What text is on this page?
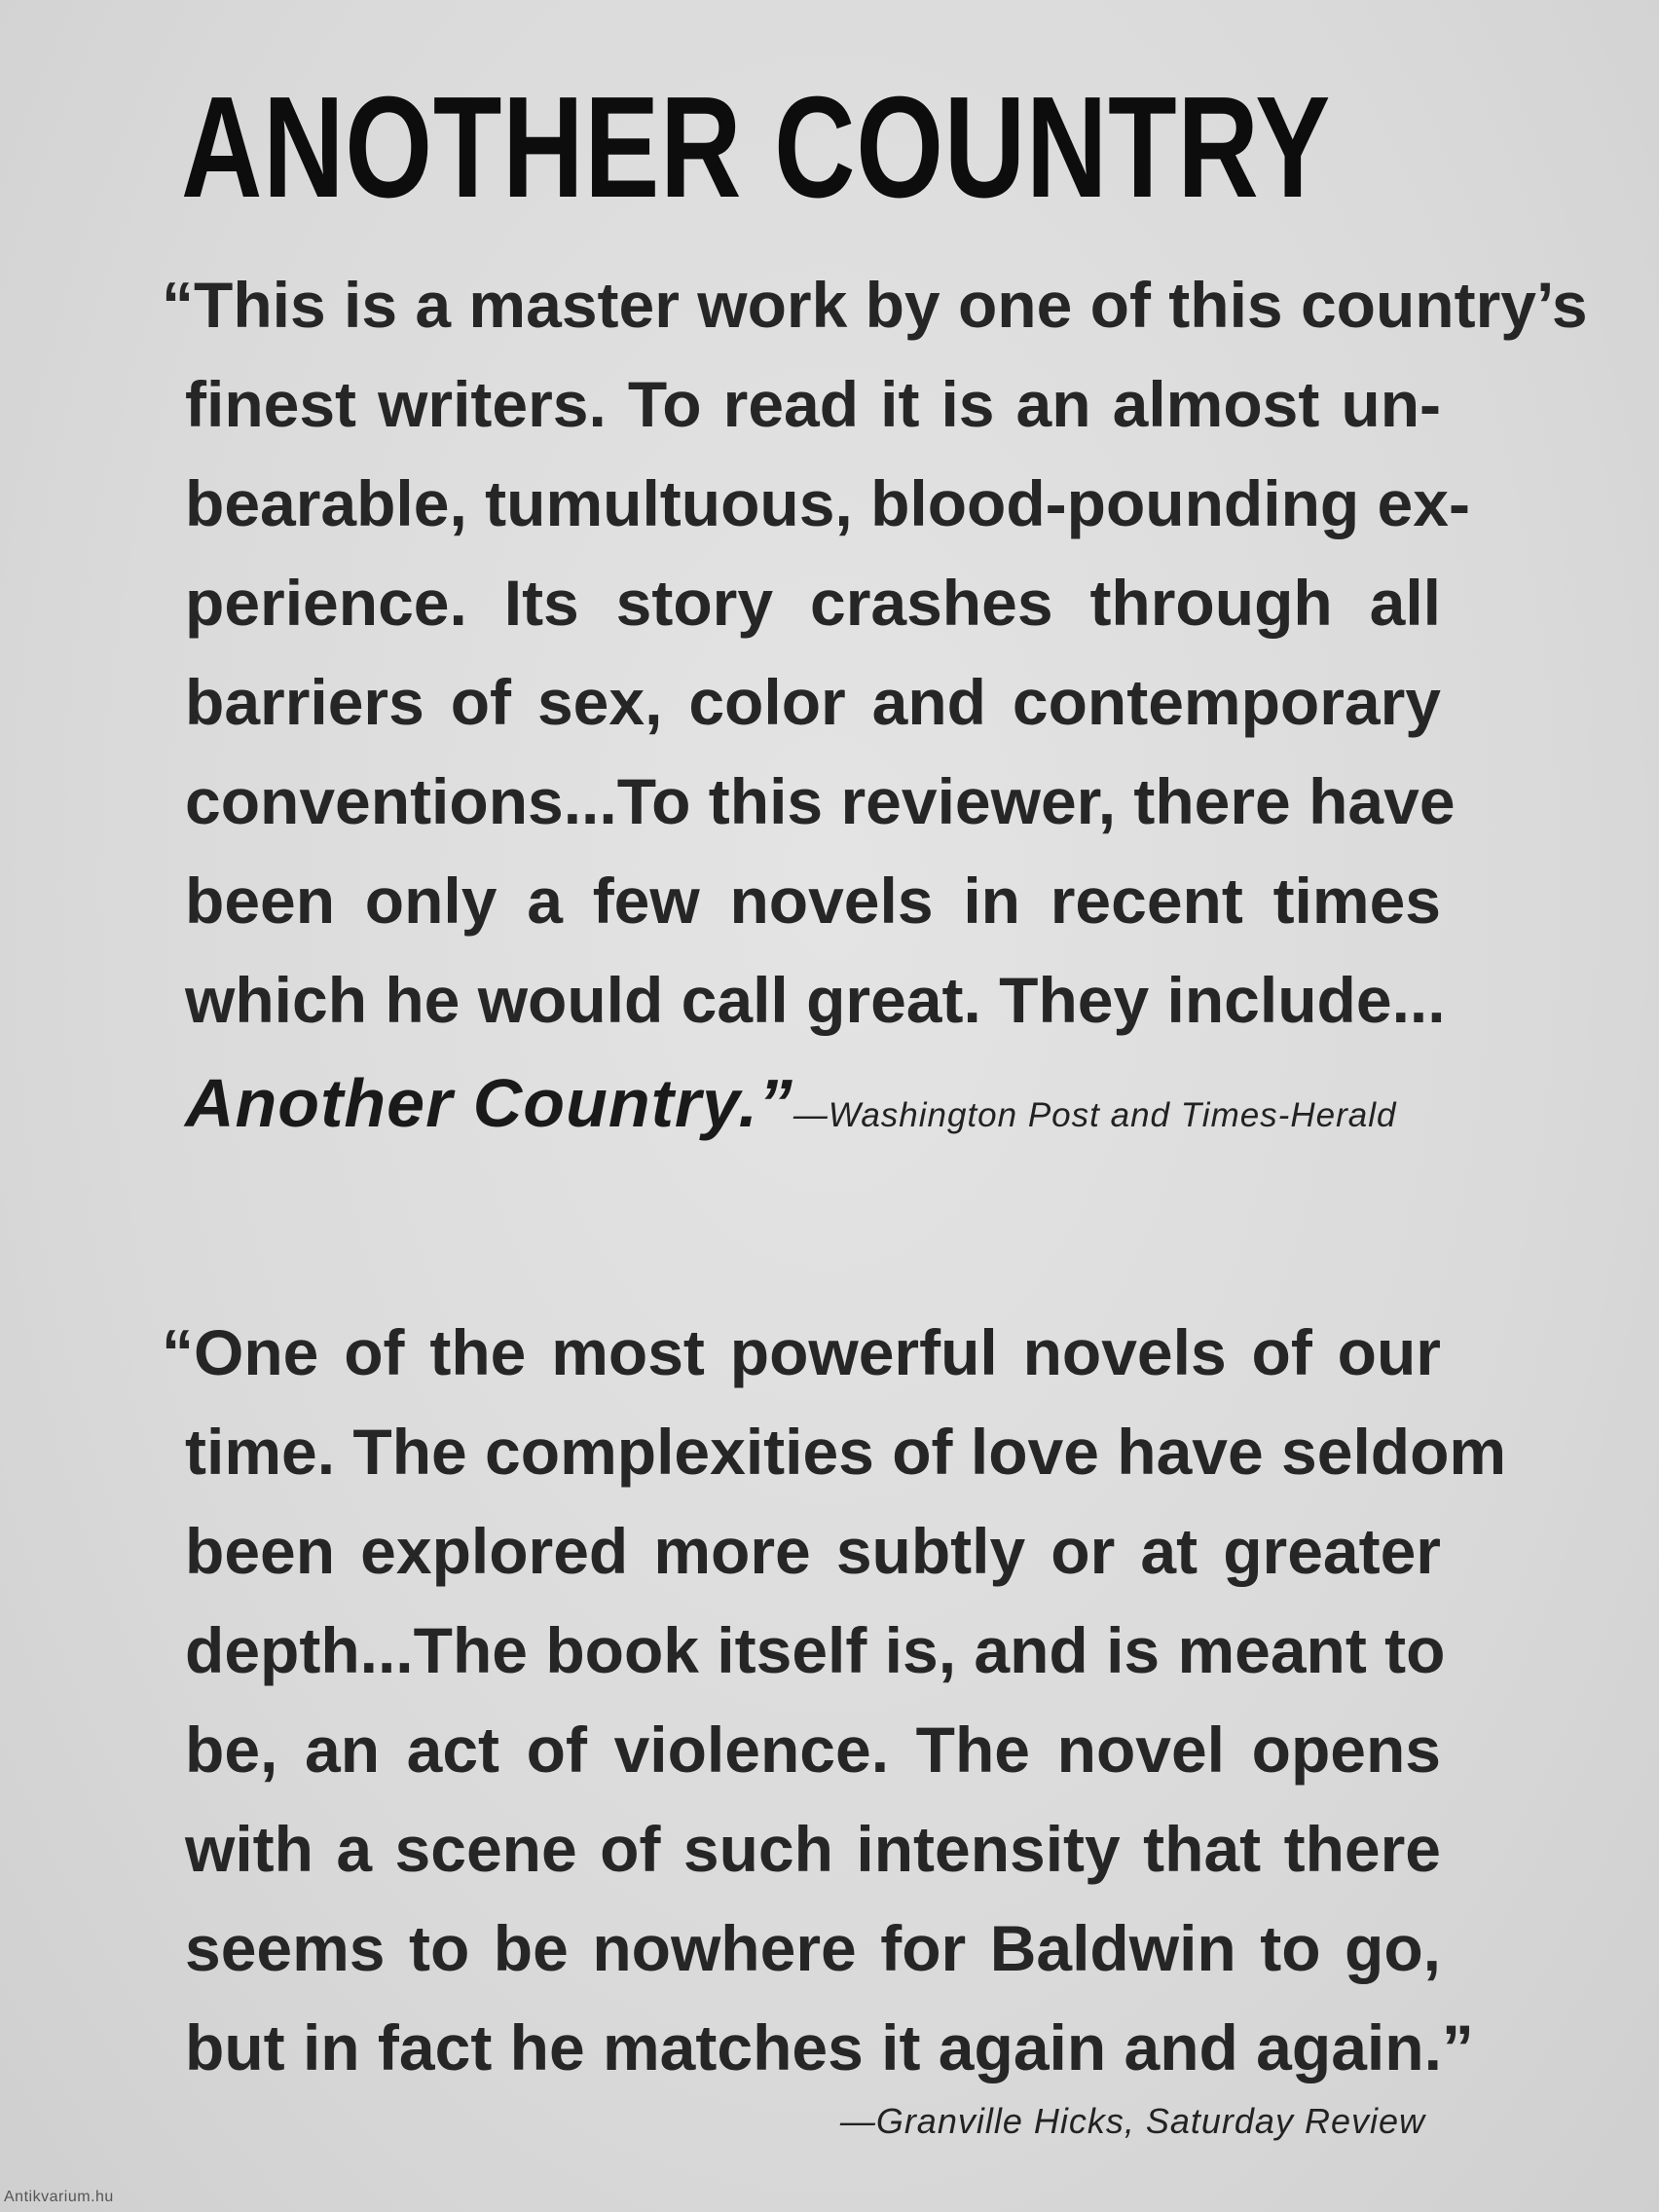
ANOTHER COUNTRY
“This is a master work by one of this country’s
finest writers. To read it is an almost un-
bearable, tumultuous, blood-pounding ex-
perience. Its story crashes through all
barriers of sex, color and contemporary
conventions...To this reviewer, there have
been only a few novels in recent times
which he would call great. They include...
Another Country.”—Washington Post and Times-Herald
“One of the most powerful novels of our
time. The complexities of love have seldom
been explored more subtly or at greater
depth...The book itself is, and is meant to
be, an act of violence. The novel opens
with a scene of such intensity that there
seems to be nowhere for Baldwin to go,
but in fact he matches it again and again.”
—Granville Hicks, Saturday Review
Antikvarium.hu
